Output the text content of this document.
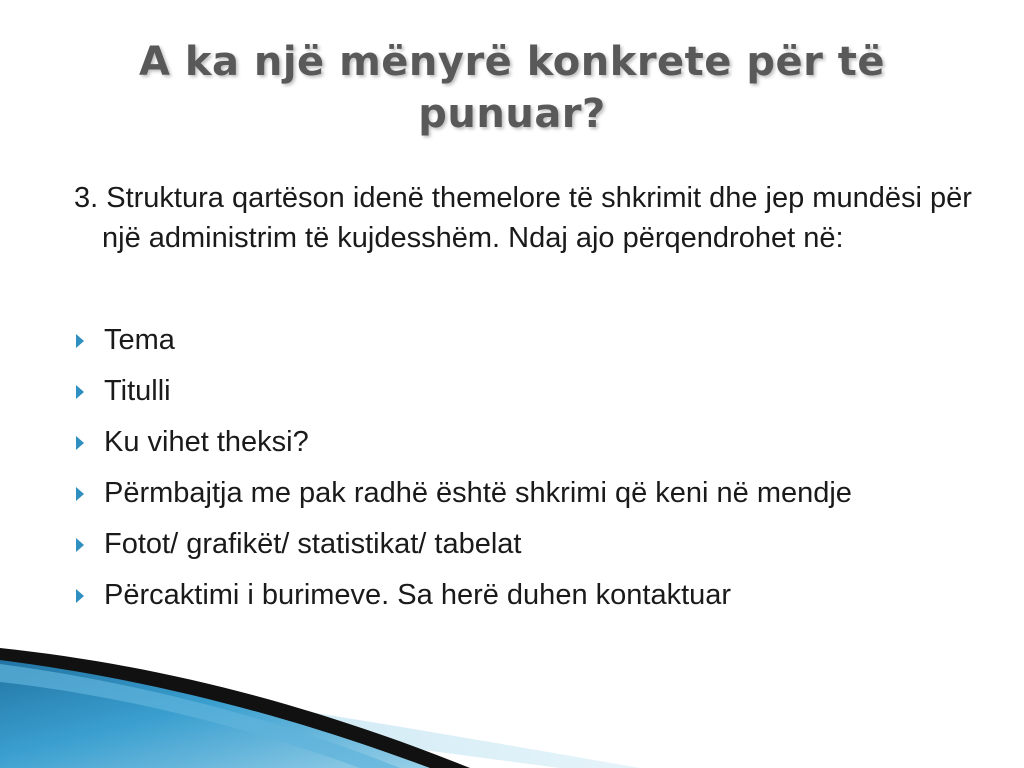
A ka një mënyrë konkrete për të punuar?
3. Struktura qartëson idenë themelore të shkrimit dhe jep mundësi për një administrim të kujdesshëm. Ndaj ajo përqendrohet në:
Tema
Titulli
Ku vihet theksi?
Përmbajtja me pak radhë është shkrimi që keni në mendje
Fotot/ grafikët/ statistikat/ tabelat
Përcaktimi i burimeve. Sa herë duhen kontaktuar
